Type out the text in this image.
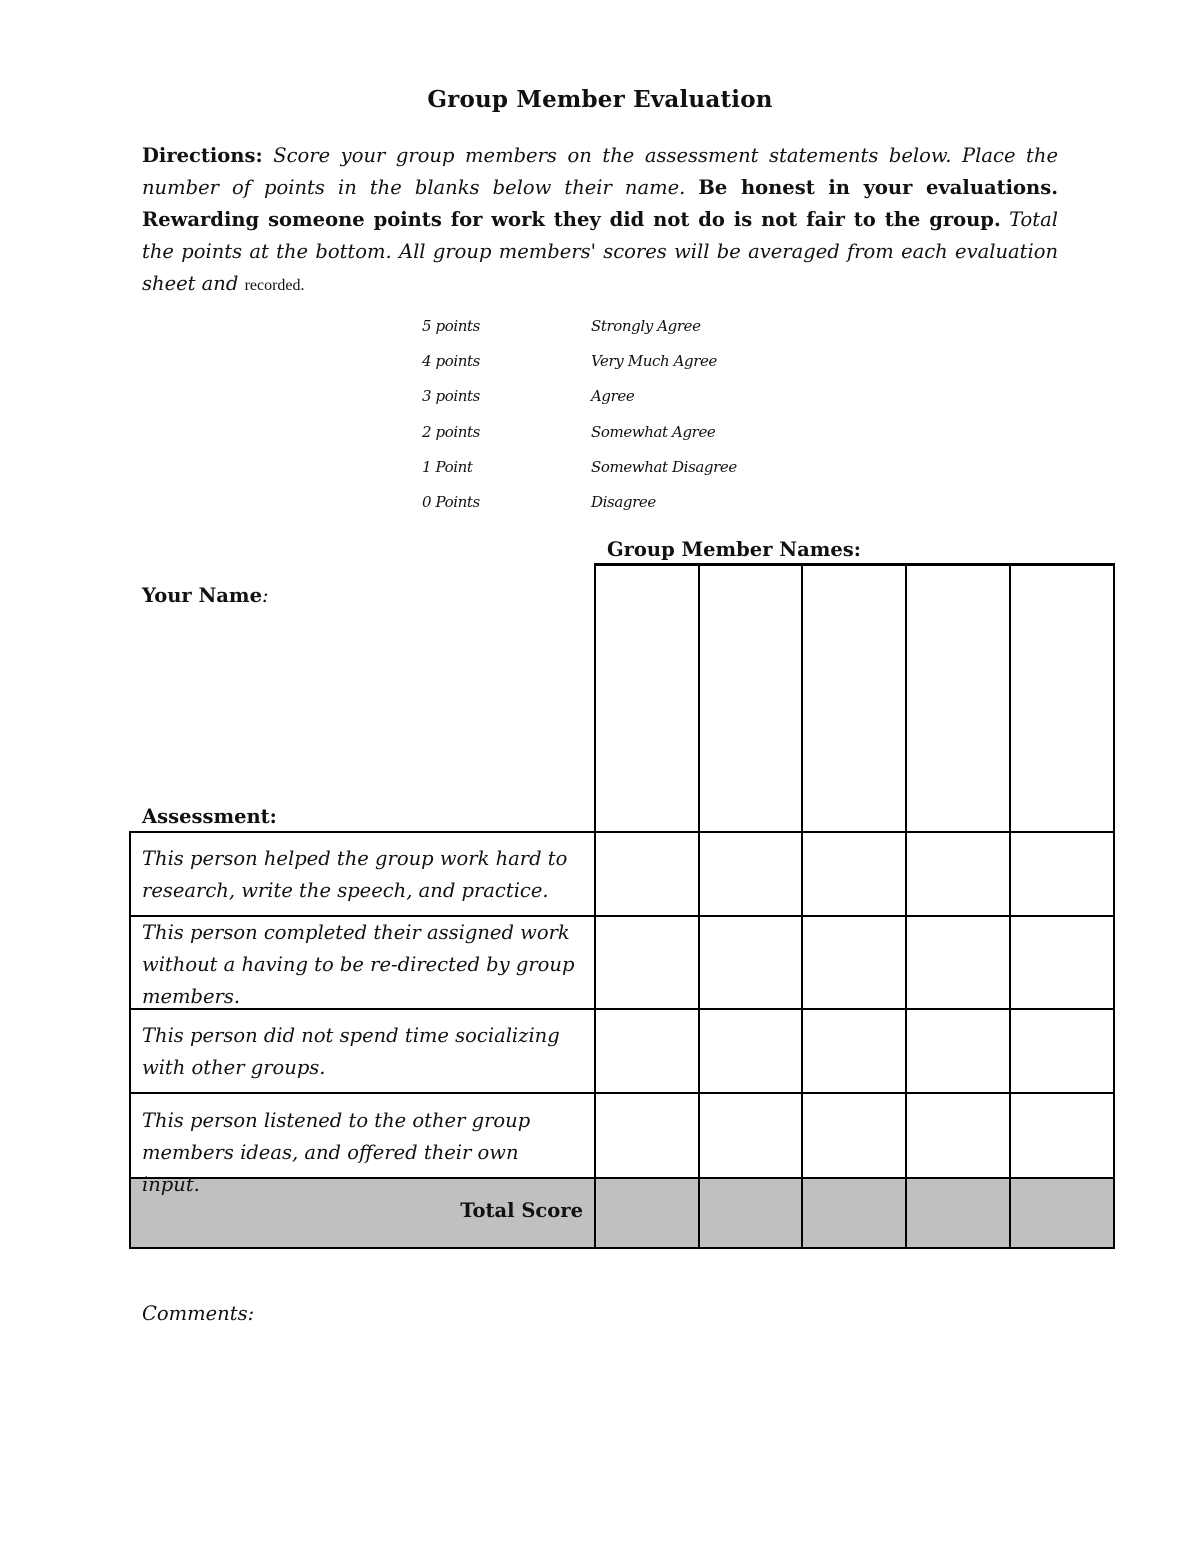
Group Member Evaluation
Directions: Score your group members on the assessment statements below. Place the number of points in the blanks below their name. Be honest in your evaluations. Rewarding someone points for work they did not do is not fair to the group. Total the points at the bottom. All group members' scores will be averaged from each evaluation sheet and recorded.
5 points	Strongly Agree
4 points	Very Much Agree
3 points	Agree
2 points	Somewhat Agree
1 Point	Somewhat Disagree
0 Points	Disagree
Group Member Names:
Your Name:
Assessment:
This person helped the group work hard to research, write the speech, and practice.
This person completed their assigned work without a having to be re-directed by group members.
This person did not spend time socializing with other groups.
This person listened to the other group members ideas, and offered their own input.
Total Score
Comments:
